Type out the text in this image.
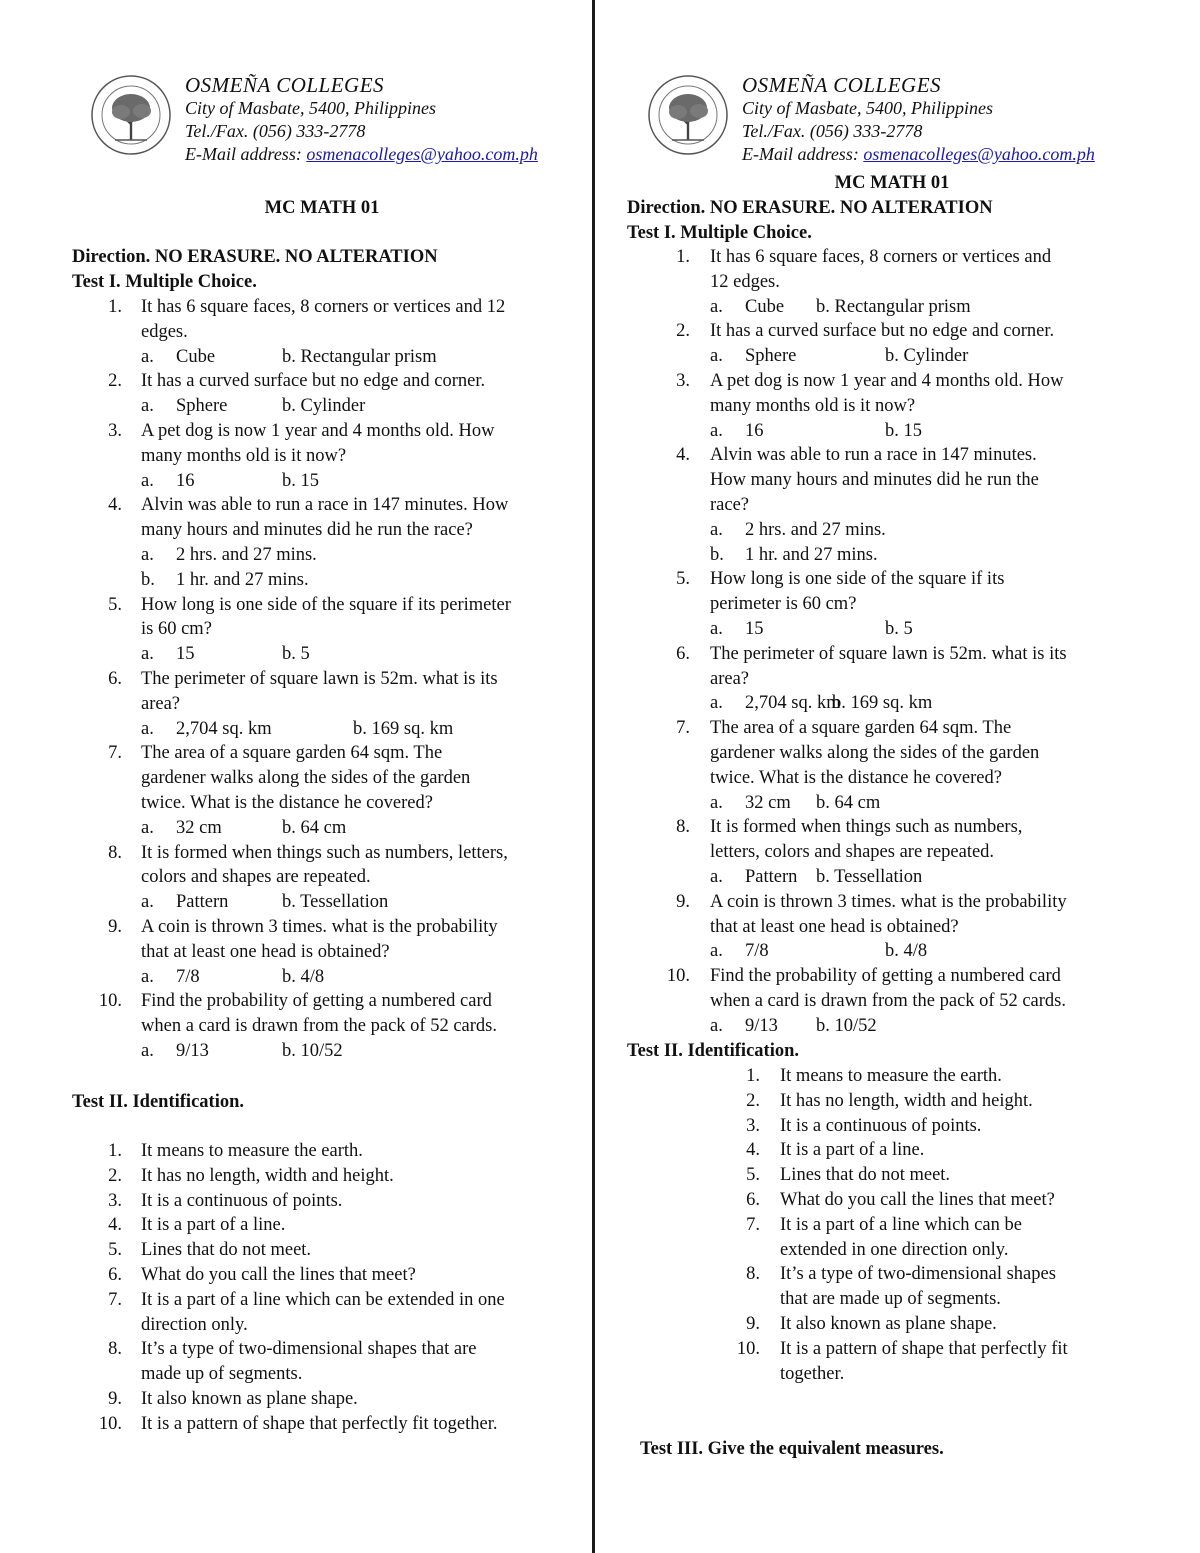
OSMEÑA COLLEGES
City of Masbate, 5400, Philippines
Tel./Fax. (056) 333-2778
E-Mail address: osmenacolleges@yahoo.com.ph
MC MATH 01
Direction. NO ERASURE. NO ALTERATION
Test I. Multiple Choice.
1. It has 6 square faces, 8 corners or vertices and 12
edges.
a. Cube	b. Rectangular prism
2. It has a curved surface but no edge and corner.
a. Sphere	b. Cylinder
3. A pet dog is now 1 year and 4 months old. How
many months old is it now?
a. 16	b. 15
4. Alvin was able to run a race in 147 minutes. How
many hours and minutes did he run the race?
a. 2 hrs. and 27 mins.
b. 1 hr. and 27 mins.
5. How long is one side of the square if its perimeter
is 60 cm?
a. 15	b. 5
6. The perimeter of square lawn is 52m. what is its
area?
a. 2,704 sq. km	b. 169 sq. km
7. The area of a square garden 64 sqm. The
gardener walks along the sides of the garden
twice. What is the distance he covered?
a. 32 cm	b. 64 cm
8. It is formed when things such as numbers, letters,
colors and shapes are repeated.
a. Pattern	b. Tessellation
9. A coin is thrown 3 times. what is the probability
that at least one head is obtained?
a. 7/8	b. 4/8
10. Find the probability of getting a numbered card
when a card is drawn from the pack of 52 cards.
a. 9/13	b. 10/52
Test II. Identification.
1. It means to measure the earth.
2. It has no length, width and height.
3. It is a continuous of points.
4. It is a part of a line.
5. Lines that do not meet.
6. What do you call the lines that meet?
7. It is a part of a line which can be extended in one
direction only.
8. It’s a type of two-dimensional shapes that are
made up of segments.
9. It also known as plane shape.
10. It is a pattern of shape that perfectly fit together.
OSMEÑA COLLEGES
City of Masbate, 5400, Philippines
Tel./Fax. (056) 333-2778
E-Mail address: osmenacolleges@yahoo.com.ph
MC MATH 01
Direction. NO ERASURE. NO ALTERATION
Test I. Multiple Choice.
1. It has 6 square faces, 8 corners or vertices and
12 edges.
a. Cube b. Rectangular prism
2. It has a curved surface but no edge and corner.
a. Sphere	b. Cylinder
3. A pet dog is now 1 year and 4 months old. How
many months old is it now?
a. 16	b. 15
4. Alvin was able to run a race in 147 minutes.
How many hours and minutes did he run the
race?
a. 2 hrs. and 27 mins.
b. 1 hr. and 27 mins.
5. How long is one side of the square if its
perimeter is 60 cm?
a. 15	b. 5
6. The perimeter of square lawn is 52m. what is its
area?
a. 2,704 sq. km
b. 169 sq. km
7. The area of a square garden 64 sqm. The
gardener walks along the sides of the garden
twice. What is the distance he covered?
a. 32 cm b. 64 cm
8. It is formed when things such as numbers,
letters, colors and shapes are repeated.
a. Pattern b. Tessellation
9. A coin is thrown 3 times. what is the probability
that at least one head is obtained?
a. 7/8	b. 4/8
10. Find the probability of getting a numbered card
when a card is drawn from the pack of 52 cards.
a. 9/13 b. 10/52
Test II. Identification.
1. It means to measure the earth.
2. It has no length, width and height.
3. It is a continuous of points.
4. It is a part of a line.
5. Lines that do not meet.
6. What do you call the lines that meet?
7. It is a part of a line which can be
extended in one direction only.
8. It’s a type of two-dimensional shapes
that are made up of segments.
9. It also known as plane shape.
10. It is a pattern of shape that perfectly fit
together.
Test III. Give the equivalent measures.
